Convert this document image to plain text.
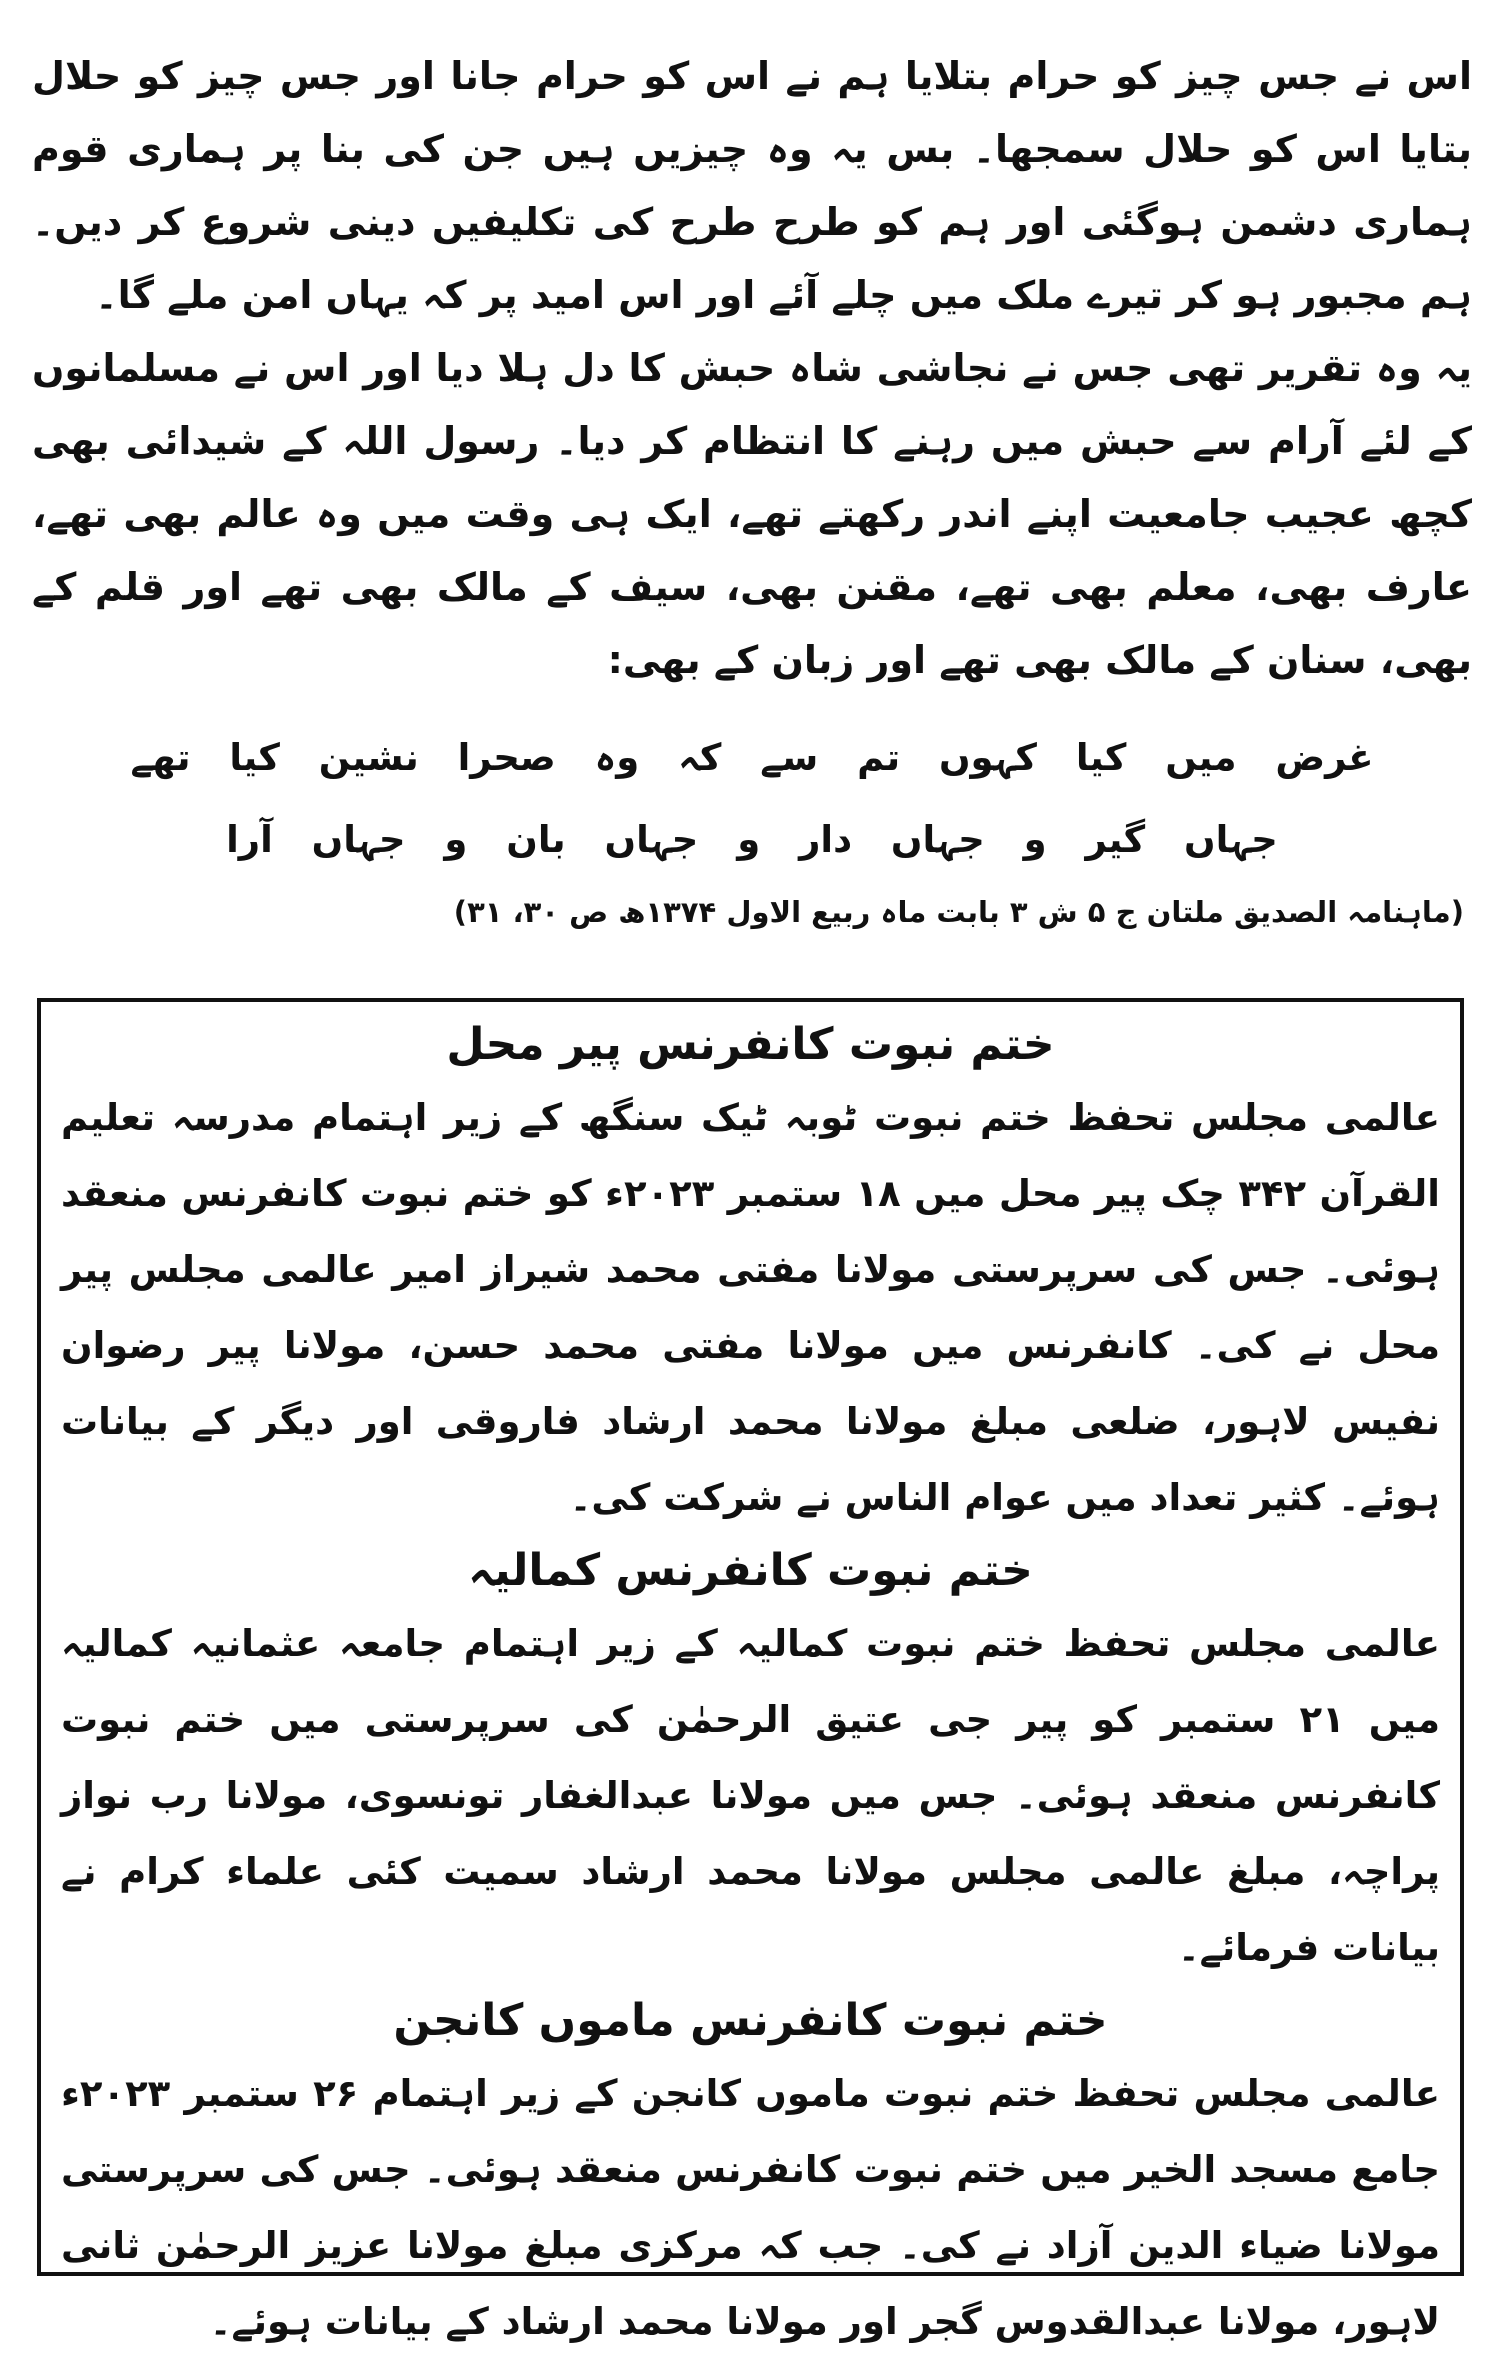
اس نے جس چیز کو حرام بتلایا ہم نے اس کو حرام جانا اور جس چیز کو حلال بتایا اس کو حلال سمجھا۔ بس یہ وہ چیزیں ہیں جن کی بنا پر ہماری قوم ہماری دشمن ہوگئی اور ہم کو طرح طرح کی تکلیفیں دینی شروع کر دیں۔ ہم مجبور ہو کر تیرے ملک میں چلے آئے اور اس امید پر کہ یہاں امن ملے گا۔

یہ وہ تقریر تھی جس نے نجاشی شاہ حبش کا دل ہلا دیا اور اس نے مسلمانوں کے لئے آرام سے حبش میں رہنے کا انتظام کر دیا۔ رسول اللہ کے شیدائی بھی کچھ عجیب جامعیت اپنے اندر رکھتے تھے، ایک ہی وقت میں وہ عالم بھی تھے، عارف بھی، معلم بھی تھے، مقنن بھی، سیف کے مالک بھی تھے اور قلم کے بھی، سنان کے مالک بھی تھے اور زبان کے بھی:

غرض میں کیا کہوں تم سے کہ وہ صحرا نشین کیا تھے
جہاں گیر و جہاں دار و جہاں بان و جہاں آرا

(ماہنامہ الصدیق ملتان ج ۵ ش ۳ بابت ماہ ربیع الاول ۱۳۷۴ھ ص ۳۰، ۳۱)

ختم نبوت کانفرنس پیر محل

عالمی مجلس تحفظ ختم نبوت ٹوبہ ٹیک سنگھ کے زیر اہتمام مدرسہ تعلیم القرآن ۳۴۲ چک پیر محل میں ۱۸ ستمبر ۲۰۲۳ء کو ختم نبوت کانفرنس منعقد ہوئی۔ جس کی سرپرستی مولانا مفتی محمد شیراز امیر عالمی مجلس پیر محل نے کی۔ کانفرنس میں مولانا مفتی محمد حسن، مولانا پیر رضوان نفیس لاہور، ضلعی مبلغ مولانا محمد ارشاد فاروقی اور دیگر کے بیانات ہوئے۔ کثیر تعداد میں عوام الناس نے شرکت کی۔

ختم نبوت کانفرنس کمالیہ

عالمی مجلس تحفظ ختم نبوت کمالیہ کے زیر اہتمام جامعہ عثمانیہ کمالیہ میں ۲۱ ستمبر کو پیر جی عتیق الرحمٰن کی سرپرستی میں ختم نبوت کانفرنس منعقد ہوئی۔ جس میں مولانا عبدالغفار تونسوی، مولانا رب نواز پراچہ، مبلغ عالمی مجلس مولانا محمد ارشاد سمیت کئی علماء کرام نے بیانات فرمائے۔

ختم نبوت کانفرنس ماموں کانجن

عالمی مجلس تحفظ ختم نبوت ماموں کانجن کے زیر اہتمام ۲۶ ستمبر ۲۰۲۳ء جامع مسجد الخیر میں ختم نبوت کانفرنس منعقد ہوئی۔ جس کی سرپرستی مولانا ضیاء الدین آزاد نے کی۔ جب کہ مرکزی مبلغ مولانا عزیز الرحمٰن ثانی لاہور، مولانا عبدالقدوس گجر اور مولانا محمد ارشاد کے بیانات ہوئے۔
